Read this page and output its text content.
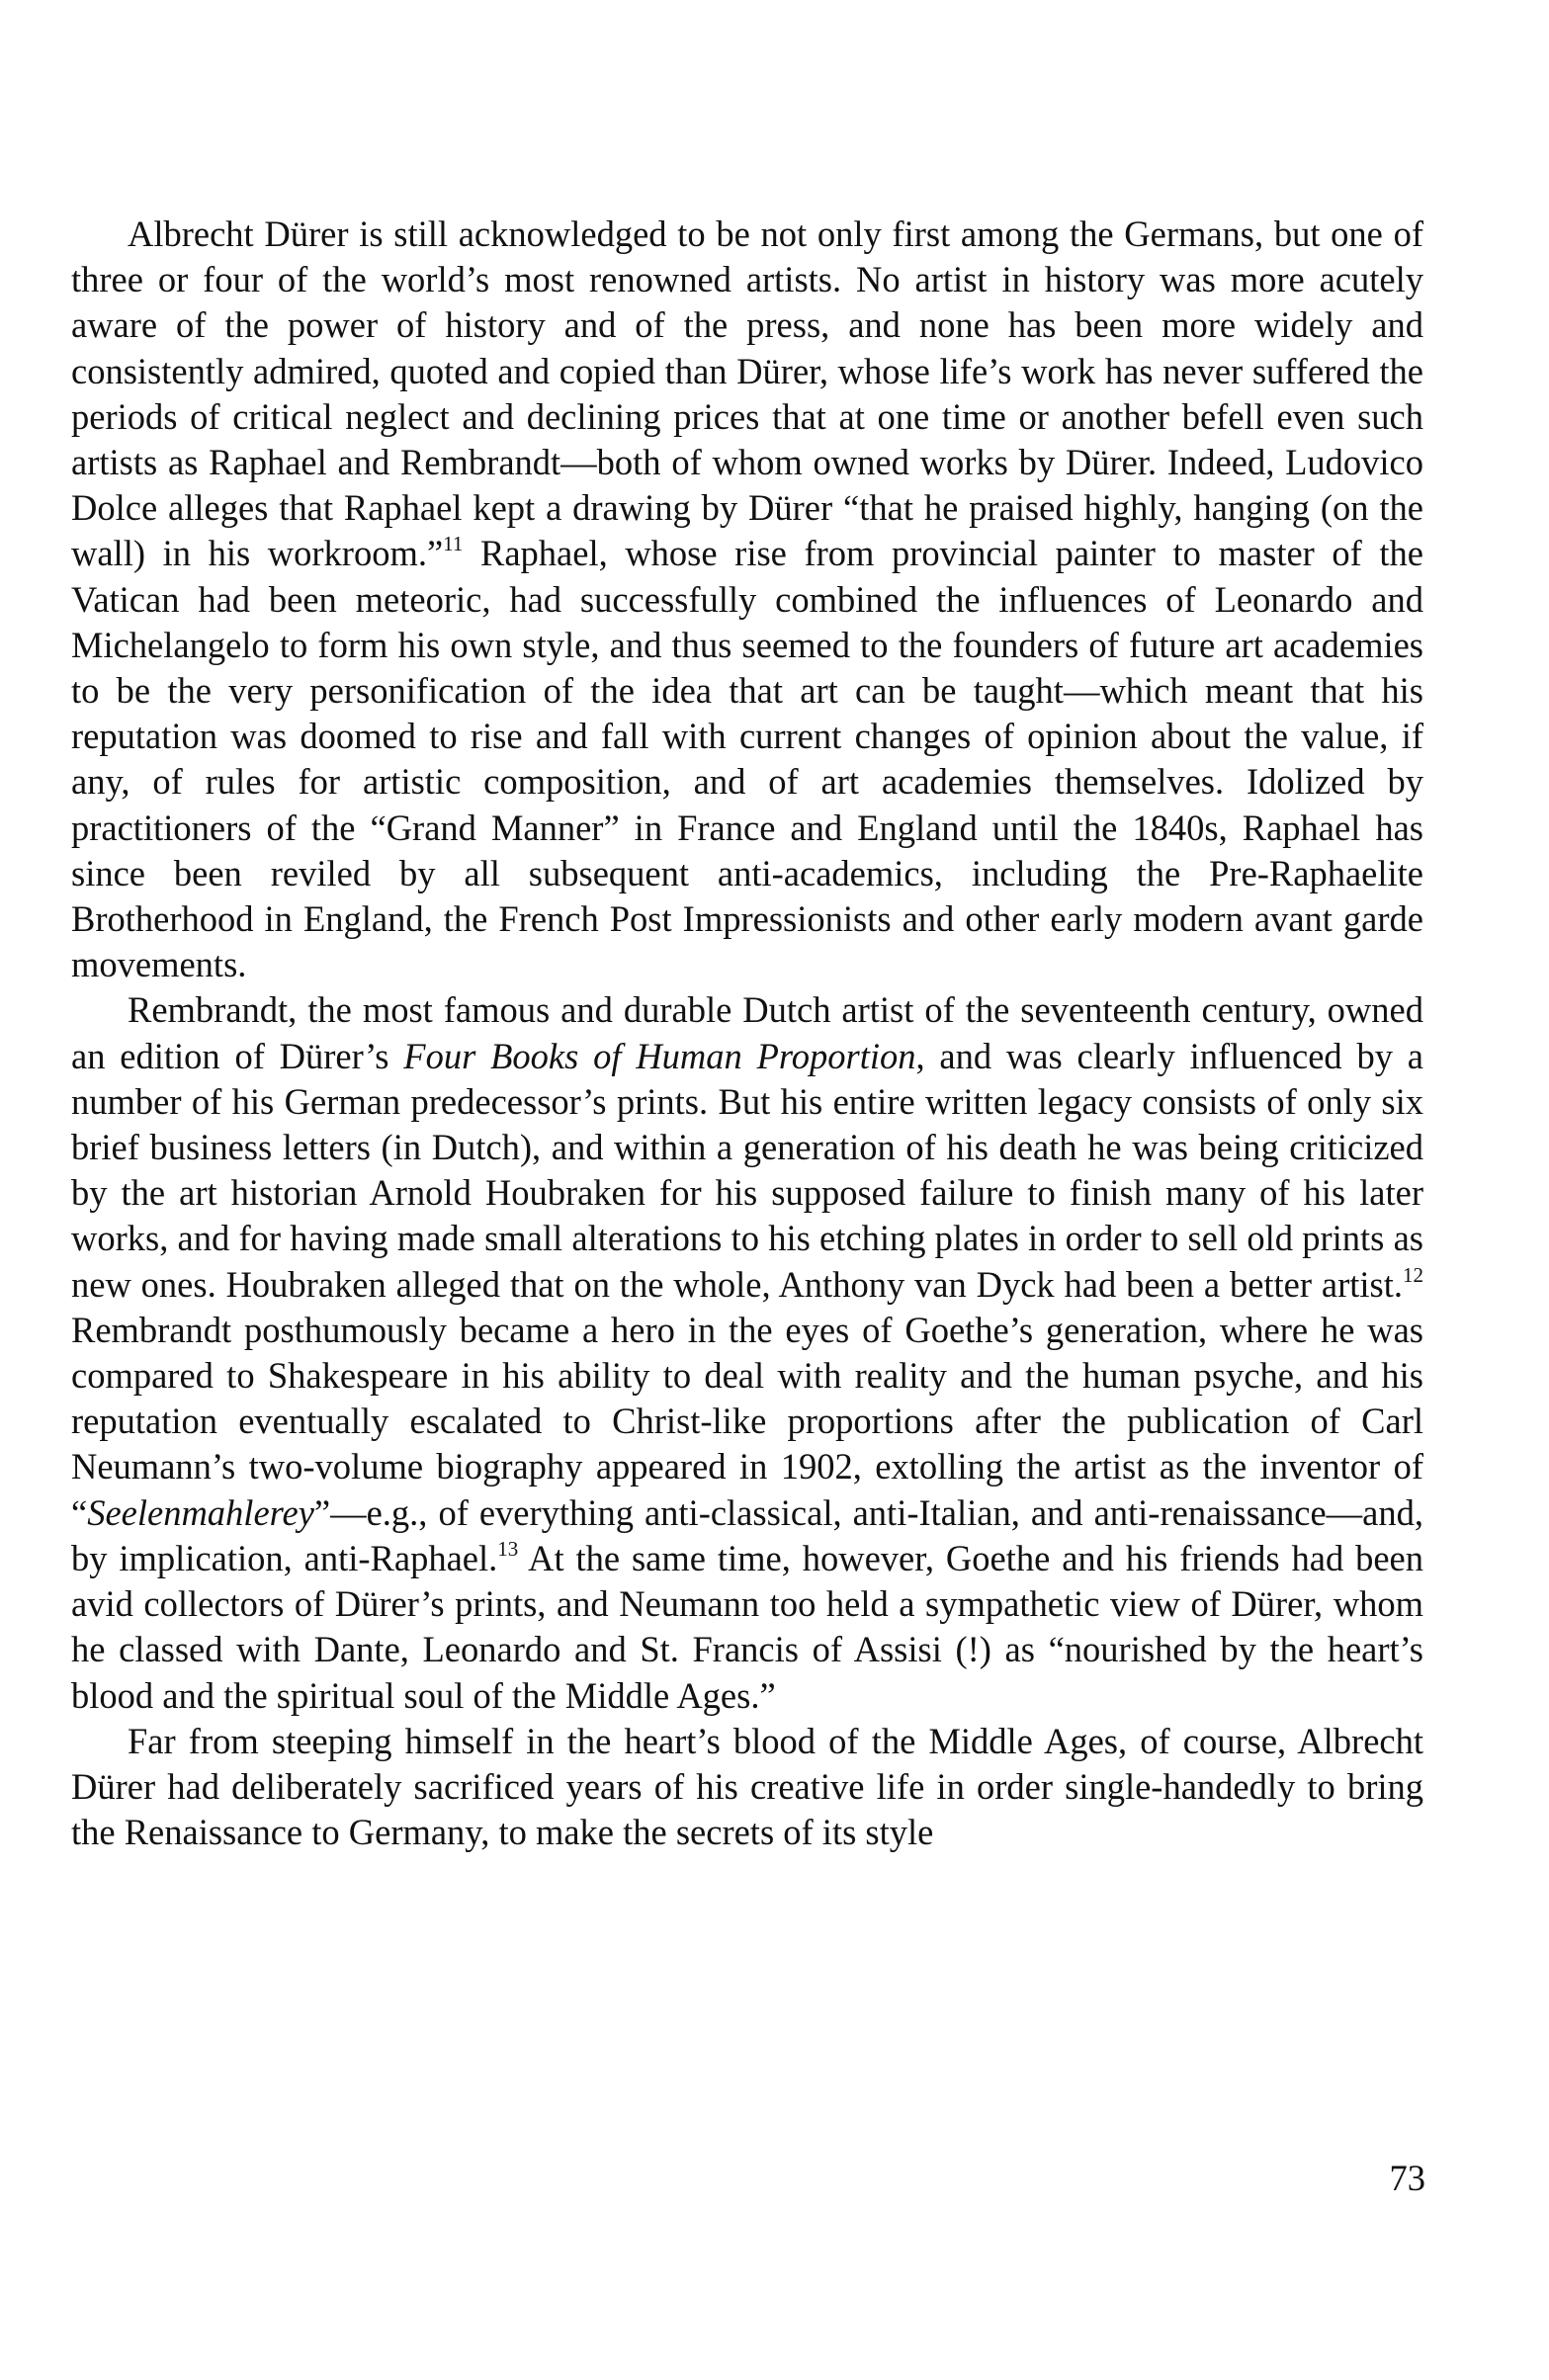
Albrecht Dürer is still acknowledged to be not only first among the Germans, but one of three or four of the world’s most renowned artists. No artist in history was more acutely aware of the power of history and of the press, and none has been more widely and consistently admired, quoted and copied than Dürer, whose life’s work has never suffered the periods of critical neglect and declining prices that at one time or another befell even such artists as Raphael and Rembrandt—both of whom owned works by Dürer. Indeed, Ludovico Dolce alleges that Raphael kept a drawing by Dürer “that he praised highly, hanging (on the wall) in his workroom.”$^{11}$ Raphael, whose rise from provincial painter to master of the Vatican had been meteoric, had successfully combined the influences of Leonardo and Michelangelo to form his own style, and thus seemed to the founders of future art academies to be the very personification of the idea that art can be taught—which meant that his reputation was doomed to rise and fall with current changes of opinion about the value, if any, of rules for artistic composition, and of art academies themselves. Idolized by practitioners of the “Grand Manner” in France and England until the 1840s, Raphael has since been reviled by all subsequent anti-academics, including the Pre-Raphaelite Brotherhood in England, the French Post Impressionists and other early modern avant garde movements.

Rembrandt, the most famous and durable Dutch artist of the seventeenth century, owned an edition of Dürer’s Four Books of Human Proportion, and was clearly influenced by a number of his German predecessor’s prints. But his entire written legacy consists of only six brief business letters (in Dutch), and within a generation of his death he was being criticized by the art historian Arnold Houbraken for his supposed failure to finish many of his later works, and for having made small alterations to his etching plates in order to sell old prints as new ones. Houbraken alleged that on the whole, Anthony van Dyck had been a better artist.$^{12}$ Rembrandt posthumously became a hero in the eyes of Goethe’s generation, where he was compared to Shakespeare in his ability to deal with reality and the human psyche, and his reputation eventually escalated to Christ-like proportions after the publication of Carl Neumann’s two-volume biography appeared in 1902, extolling the artist as the inventor of “Seelenmahlerey”—e.g., of everything anti-classical, anti-Italian, and anti-renaissance—and, by implication, anti-Raphael.$^{13}$ At the same time, however, Goethe and his friends had been avid collectors of Dürer’s prints, and Neumann too held a sympathetic view of Dürer, whom he classed with Dante, Leonardo and St. Francis of Assisi (!) as “nourished by the heart’s blood and the spiritual soul of the Middle Ages.”

Far from steeping himself in the heart’s blood of the Middle Ages, of course, Albrecht Dürer had deliberately sacrificed years of his creative life in order single-handedly to bring the Renaissance to Germany, to make the secrets of its style

73
